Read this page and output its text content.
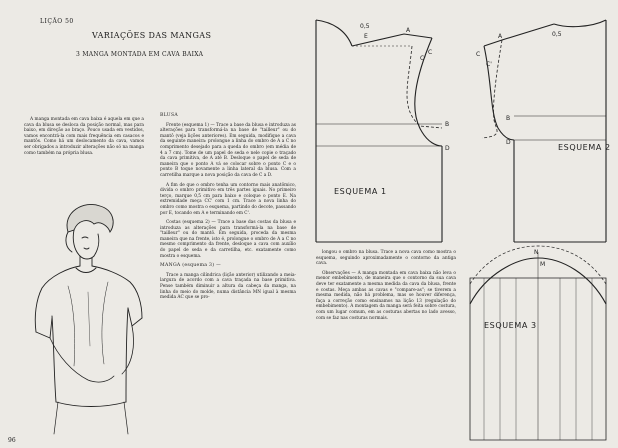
LIÇÃO 50
VARIAÇÕES DAS MANGAS
3 MANGA MONTADA EM CAVA BAIXA

A manga montada em cava baixa é aquela em que a cava da blusa se desloca da posição normal, mas para baixo, em direção ao braço. Pouco usada em vestidos, vamos encontrá-la com mais frequência em casacos e mantôs. Como há um deslocamento da cava, vamos ser obrigados a introduzir alterações não só na manga como também na própria blusa.

BLUSA

Frente (esquema 1) — Trace a base da blusa e introduza as alterações para transformá-la na base de "tailleur" ou do mantô (veja lições anteriores). Em seguida, modifique a cava da seguinte maneira: prolongue a linha do ombro de A a C no comprimento desejado para a queda do ombro (em média de 4 a 7 cm). Tome de um papel de seda e nele copie o traçado da cava primitiva, de A até B. Desloque o papel de seda de maneira que o ponto A vá se colocar sobre o ponto C e o ponto B toque novamente a linha lateral da blusa. Com a carretilha marque a nova posição da cava de C a D.

A fim de que o ombro tenha um contorno mais anatômico, divida o ombro primitivo em três partes iguais. No primeiro terço, marque 0,5 cm para baixo e coloque o ponto E. Na extremidade meça CC' com 1 cm. Trace a nova linha do ombro como mostra o esquema, partindo do decote, passando por E, tocando em A e terminando em C'.

Costas (esquema 2) — Trace a base das costas da blusa e introduza as alterações para transformá-la na base de "tailleur" ou do mantô. Em seguida, proceda da mesma maneira que na frente, isto é, prolongue o ombro de A a C no mesmo comprimento da frente, desloque a cava com auxílio do papel de seda e da carretilha, etc. exatamente como mostra o esquema.

MANGA (esquema 3) —

Trace a manga cilíndrica (lição anterior) utilizando a meia-largura de acordo com a cava traçada na base primitiva. Pense também diminuir a altura da cabeça da manga, na linha do meio do molde, numa distância MN igual à mesma medida AC que se pro-

longou o ombro na blusa. Trace a nova cava como mostra o esquema, seguindo aproximadamente o contorno da antiga cava.

Observações — A manga montada em cava baixa não leva o menor embebimento, de maneira que o contorno da sua cava deve ter exatamente a mesma medida da cava da blusa, frente e costas. Meça ambas as cavas e "compare-as"; se tiverem a mesma medida, não há problema, mas se houver diferença, faça a correção como ensinamos na lição 13 (regulação do embebimento). A montagem da manga será feita sobre costura, com um lugar comum, em as costuras abertas no lado avesso, com se faz nas costuras normais.

E
A
C
C'
B
D
0,5
ESQUEMA 1
A
C
C'
B
D
0,5
ESQUEMA 2
N
M
ESQUEMA 3
96
